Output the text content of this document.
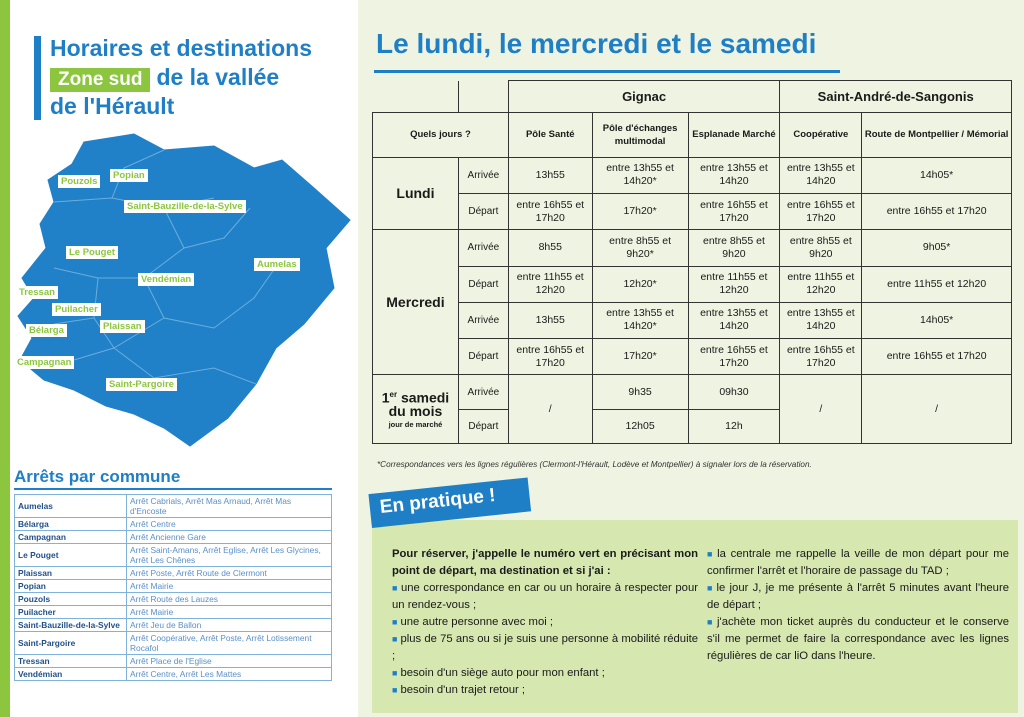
Horaires et destinations
Zone sud de la vallée
de l'Hérault
Pouzols
Popian
Saint-Bauzille-de-la-Sylve
Le Pouget
Aumelas
Vendémian
Tressan
Puilacher
Plaissan
Bélarga
Campagnan
Saint-Pargoire
Arrêts par commune
Aumelas	Arrêt Cabrials, Arrêt Mas Arnaud, Arrêt Mas d'Encoste
Bélarga	Arrêt Centre
Campagnan	Arrêt Ancienne Gare
Le Pouget	Arrêt Saint-Amans, Arrêt Eglise, Arrêt Les Glycines, Arrêt Les Chênes
Plaissan	Arrêt Poste, Arrêt Route de Clermont
Popian	Arrêt Mairie
Pouzols	Arrêt Route des Lauzes
Puilacher	Arrêt Mairie
Saint-Bauzille-de-la-Sylve	Arrêt Jeu de Ballon
Saint-Pargoire	Arrêt Coopérative, Arrêt Poste, Arrêt Lotissement Rocafol
Tressan	Arrêt Place de l'Eglise
Vendémian	Arrêt Centre, Arrêt Les Mattes
Le lundi, le mercredi et le samedi
		Gignac			Saint-André-de-Sangonis	
Quels jours ?		Pôle Santé	Pôle d'échanges multimodal	Esplanade Marché	Coopérative	Route de Montpellier / Mémorial
Lundi	Arrivée	13h55	entre 13h55 et 14h20*	entre 13h55 et 14h20	entre 13h55 et 14h20	14h05*
	Départ	entre 16h55 et 17h20	17h20*	entre 16h55 et 17h20	entre 16h55 et 17h20	entre 16h55 et 17h20
Mercredi	Arrivée	8h55	entre 8h55 et 9h20*	entre 8h55 et 9h20	entre 8h55 et 9h20	9h05*
	Départ	entre 11h55 et 12h20	12h20*	entre 11h55 et 12h20	entre 11h55 et 12h20	entre 11h55 et 12h20
	Arrivée	13h55	entre 13h55 et 14h20*	entre 13h55 et 14h20	entre 13h55 et 14h20	14h05*
	Départ	entre 16h55 et 17h20	17h20*	entre 16h55 et 17h20	entre 16h55 et 17h20	entre 16h55 et 17h20
1er samedi du mois
jour de marché	Arrivée	/	9h35	09h30	/	/
	Départ		12h05	12h		
*Correspondances vers les lignes régulières (Clermont-l'Hérault, Lodève et Montpellier) à signaler lors de la réservation.
En pratique !
Pour réserver, j'appelle le numéro vert en précisant mon point de départ, ma destination et si j'ai :
■ une correspondance en car ou un horaire à respecter pour un rendez-vous ;
■ une autre personne avec moi ;
■ plus de 75 ans ou si je suis une personne à mobilité réduite ;
■ besoin d'un siège auto pour mon enfant ;
■ besoin d'un trajet retour ;
■ la centrale me rappelle la veille de mon départ pour me confirmer l'arrêt et l'horaire de passage du TAD ;
■ le jour J, je me présente à l'arrêt 5 minutes avant l'heure de départ ;
■ j'achète mon ticket auprès du conducteur et le conserve s'il me permet de faire la correspondance avec les lignes régulières de car liO dans l'heure.
